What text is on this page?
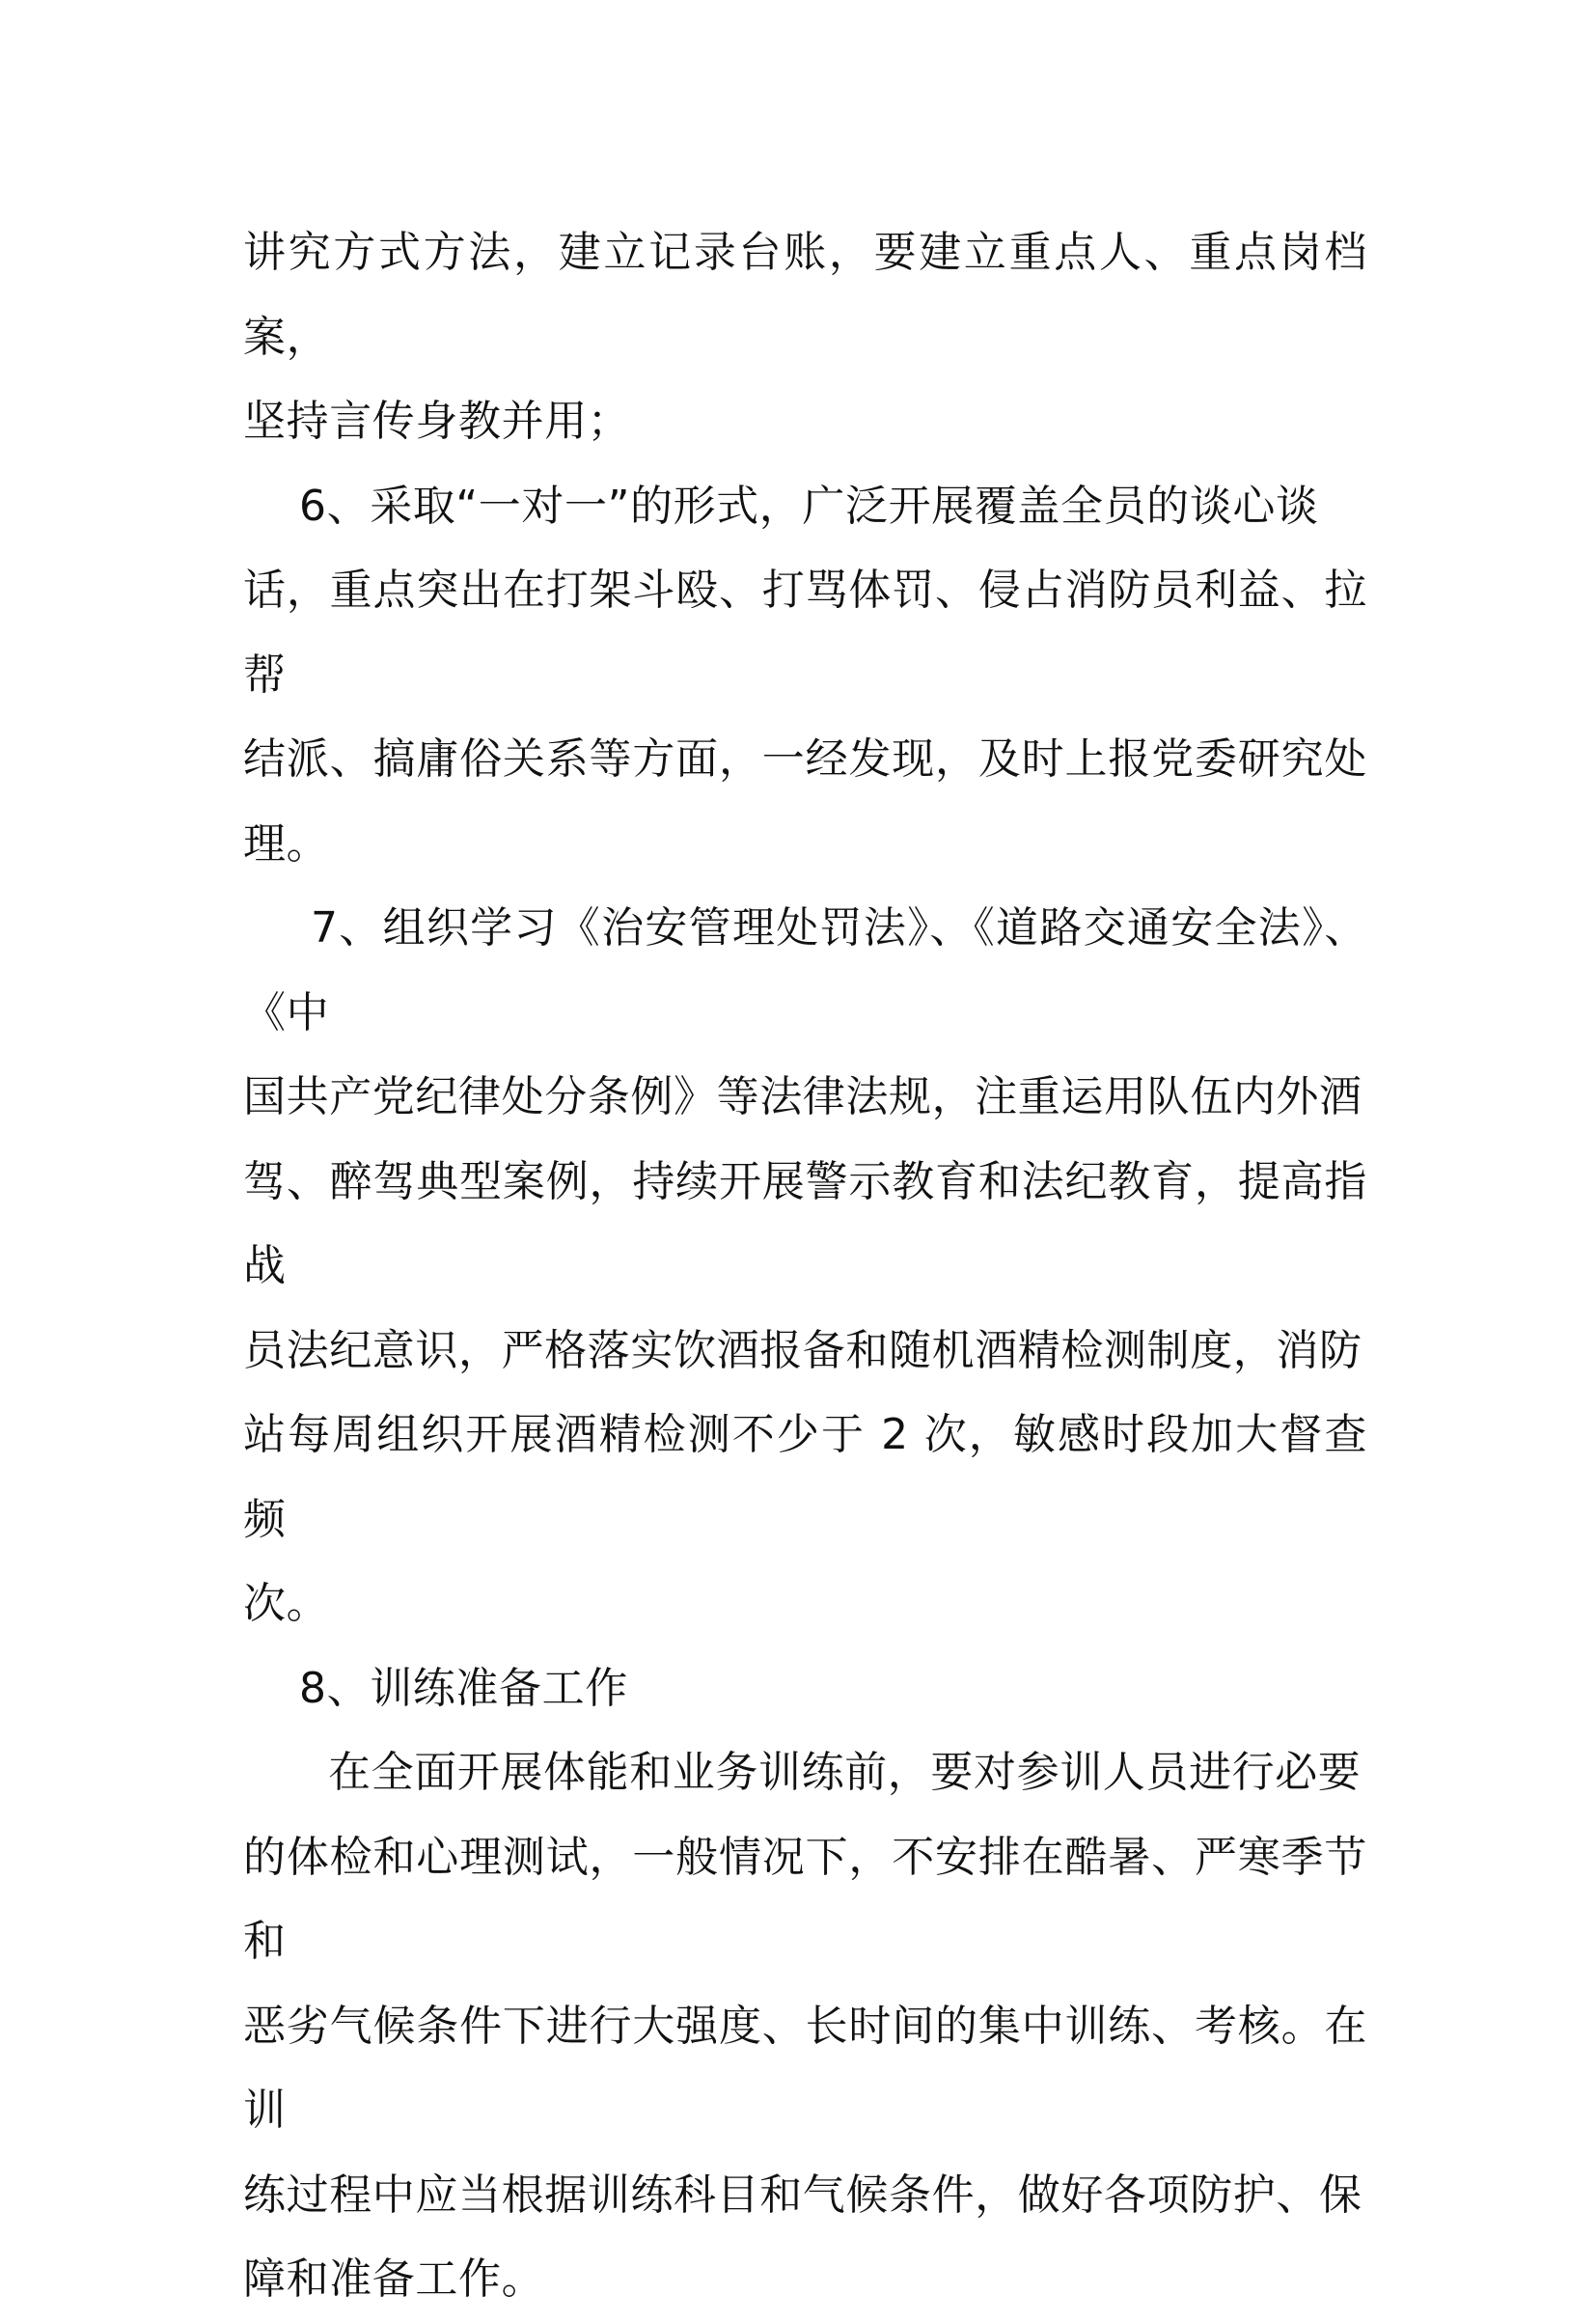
讲究方式方法，建立记录台账，要建立重点人、重点岗档案，
坚持言传身教并用；

6、采取“一对一”的形式，广泛开展覆盖全员的谈心谈
话，重点突出在打架斗殴、打骂体罚、侵占消防员利益、拉帮
结派、搞庸俗关系等方面，一经发现，及时上报党委研究处理。

7、组织学习《治安管理处罚法》、《道路交通安全法》、《中
国共产党纪律处分条例》等法律法规，注重运用队伍内外酒
驾、醉驾典型案例，持续开展警示教育和法纪教育，提高指战
员法纪意识，严格落实饮酒报备和随机酒精检测制度，消防
站每周组织开展酒精检测不少于 2 次，敏感时段加大督查频
次。

8、训练准备工作

在全面开展体能和业务训练前，要对参训人员进行必要
的体检和心理测试，一般情况下，不安排在酷暑、严寒季节和
恶劣气候条件下进行大强度、长时间的集中训练、考核。在训
练过程中应当根据训练科目和气候条件，做好各项防护、保
障和准备工作。
